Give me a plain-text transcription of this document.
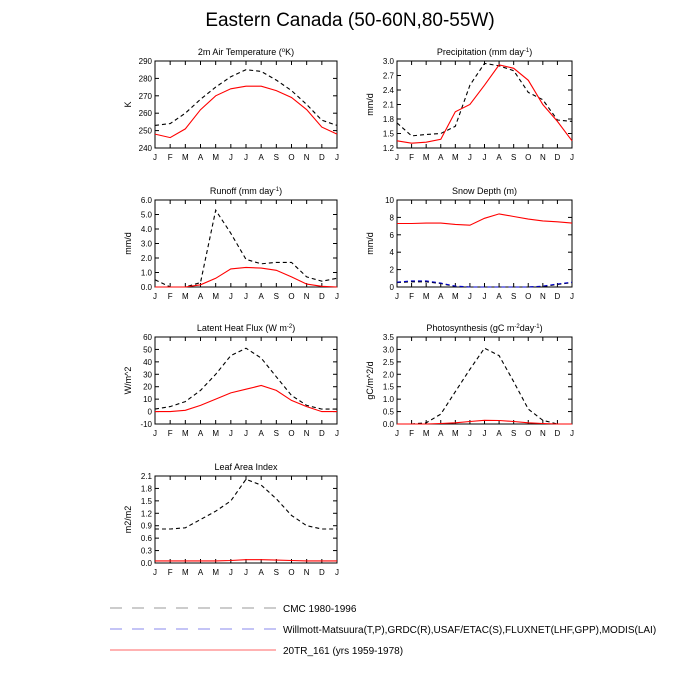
Eastern Canada (50-60N,80-55W)
2m Air Temperature ($^o$K)
240
250
260
270
280
290
J F M A M J J A S O N D J
K
Precipitation (mm day$^{-1}$)
1.2
1.5
1.8
2.1
2.4
2.7
3.0
J F M A M J J A S O N D J
mm/d
Runoff (mm day$^{-1}$)
0.0
1.0
2.0
3.0
4.0
5.0
6.0
J F M A M J J A S O N D J
mm/d
Snow Depth (m)
0
2
4
6
8
10
J F M A M J J A S O N D J
mm/d
Latent Heat Flux (W $m^{-2}$)
-10
0
10
20
30
40
50
60
J F M A M J J A S O N D J
W/m^2
Photosynthesis (gC $m^{-2}day^{-1}$)
0.0
0.5
1.0
1.5
2.0
2.5
3.0
3.5
J F M A M J J A S O N D J
gC/m^2/d
Leaf Area Index
0.0
0.3
0.6
0.9
1.2
1.5
1.8
2.1
J F M A M J J A S O N D J
m2/m2
CMC 1980-1996
Willmott-Matsuura(T,P),GRDC(R),USAF/ETAC(S),FLUXNET(LHF,GPP),MODIS(LAI)
20TR_161 (yrs 1959-1978)
